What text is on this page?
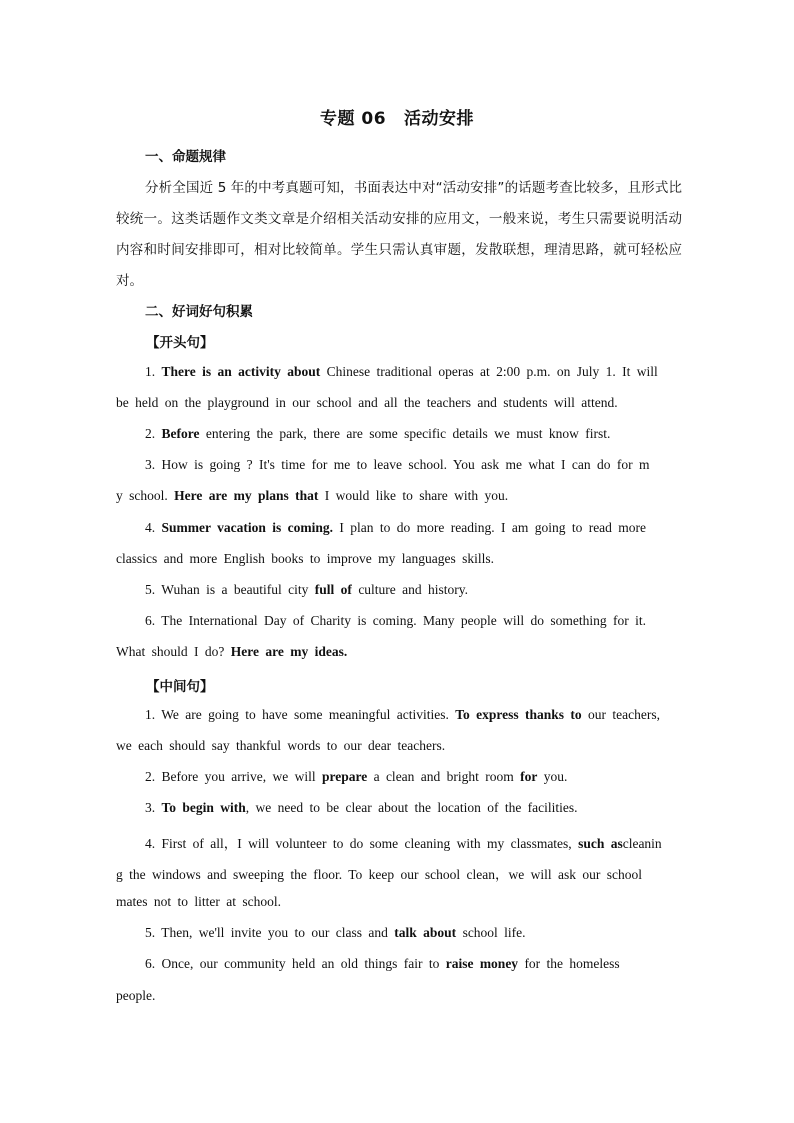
专题 06 活动安排
一、命题规律
分析全国近 5 年的中考真题可知，书面表达中对“活动安排”的话题考查比较多，且形式比较统一。这类话题作文类文章是介绍相关活动安排的应用文，一般来说，考生只需要说明活动内容和时间安排即可，相对比较简单。学生只需认真审题，发散联想，理清思路，就可轻松应对。
二、好词好句积累
【开头句】
1. There is an activity about Chinese traditional operas at 2:00 p.m. on July 1. It will
be held on the playground in our school and all the teachers and students will attend.
2. Before entering the park, there are some specific details we must know first.
3. How is going ? It's time for me to leave school. You ask me what I can do for m
y school. Here are my plans that I would like to share with you.
4. Summer vacation is coming. I plan to do more reading. I am going to read more
classics and more English books to improve my languages skills.
5. Wuhan is a beautiful city full of culture and history.
6. The International Day of Charity is coming. Many people will do something for it.
What should I do? Here are my ideas.
【中间句】
1. We are going to have some meaningful activities. To express thanks to our teachers,
we each should say thankful words to our dear teachers.
2. Before you arrive, we will prepare a clean and bright room for you.
3. To begin with, we need to be clear about the location of the facilities.
4. First of all，I will volunteer to do some cleaning with my classmates, such ascleanin
g the windows and sweeping the floor. To keep our school clean，we will ask our school
mates not to litter at school.
5. Then, we'll invite you to our class and talk about school life.
6. Once, our community held an old things fair to raise money for the homeless
people.
